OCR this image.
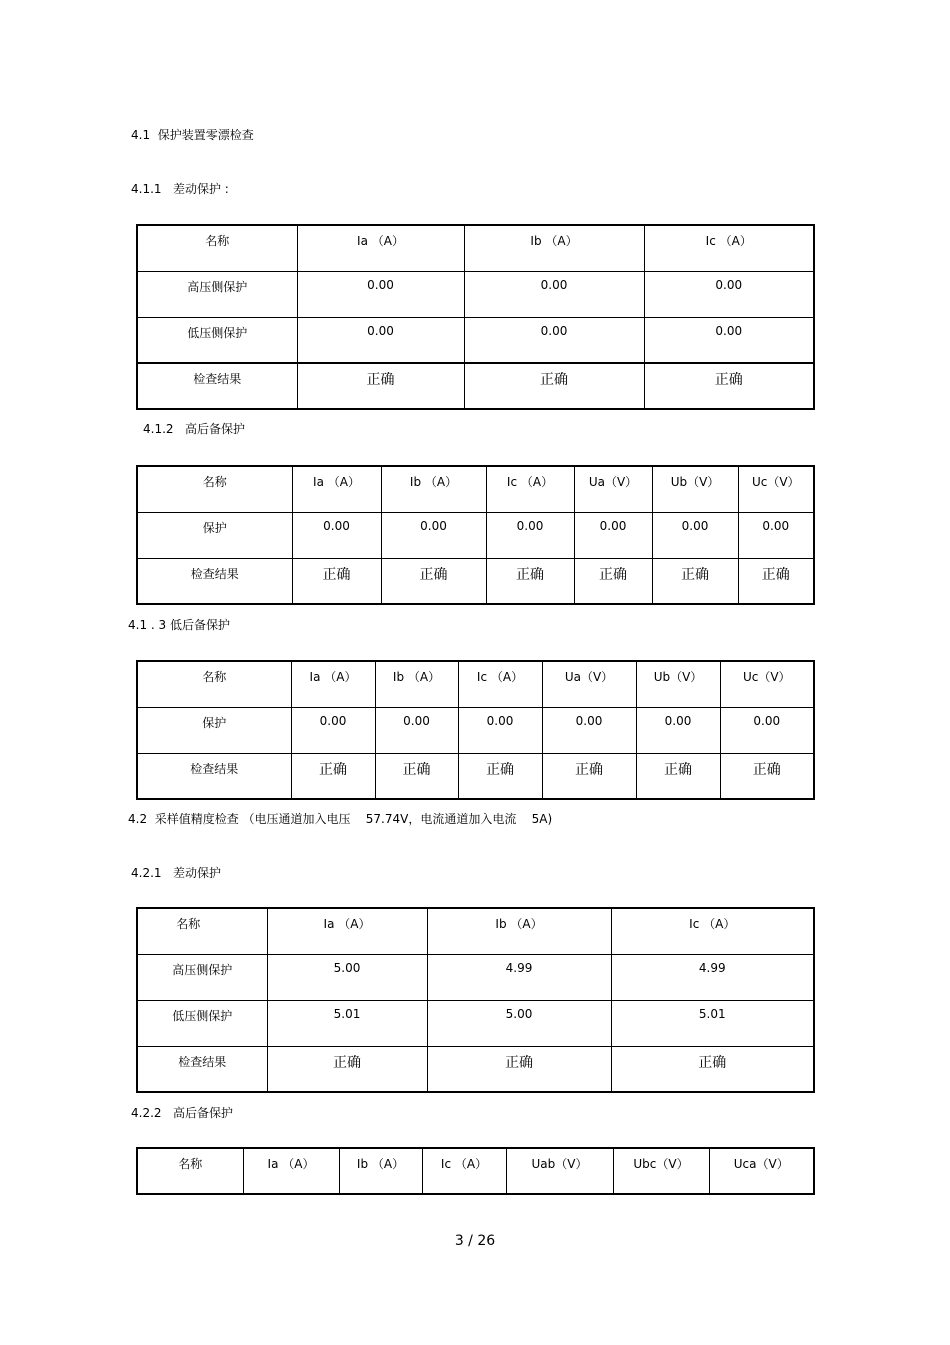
4.1  保护装置零漂检查
4.1.1   差动保护 :
名称	Ia （A）	Ib （A）	Ic （A）
高压侧保护	0.00	0.00	0.00
低压侧保护	0.00	0.00	0.00
检查结果	正确	正确	正确
4.1.2   高后备保护
名称	Ia （A）	Ib （A）	Ic （A）	Ua（V）	Ub（V）	Uc（V）
保护	0.00	0.00	0.00	0.00	0.00	0.00
检查结果	正确	正确	正确	正确	正确	正确
4.1 . 3 低后备保护
名称	Ia （A）	Ib （A）	Ic （A）	Ua（V）	Ub（V）	Uc（V）
保护	0.00	0.00	0.00	0.00	0.00	0.00
检查结果	正确	正确	正确	正确	正确	正确
4.2  采样值精度检查 （电压通道加入电压    57.74V，电流通道加入电流    5A)
4.2.1   差动保护
名称	Ia （A）	Ib （A）	Ic （A）
高压侧保护	5.00	4.99	4.99
低压侧保护	5.01	5.00	5.01
检查结果	正确	正确	正确
4.2.2   高后备保护
名称	Ia （A）	Ib （A）	Ic （A）	Uab（V）	Ubc（V）	Uca（V）
3 / 26
